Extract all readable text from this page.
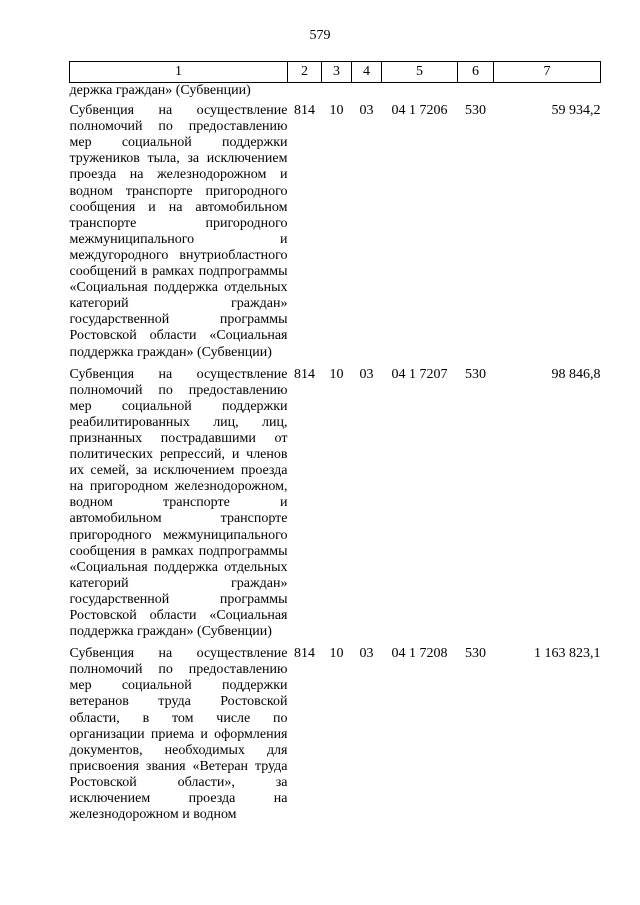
579
1	2	3	4	5	6	7
держка граждан» (Субвенции)						
Субвенция на осуществление полномочий по предоставлению мер социальной поддержки тружеников тыла, за исключением проезда на железнодорожном и водном транспорте пригородного сообщения и на автомобильном транспорте пригородного межмуниципального и междугородного внутриобластного сообщений в рамках подпрограммы «Социальная поддержка отдельных категорий граждан» государственной программы Ростовской области «Социальная поддержка граждан» (Субвенции)	814	10	03	04 1 7206	530	59 934,2
Субвенция на осуществление полномочий по предоставлению мер социальной поддержки реабилитированных лиц, лиц, признанных пострадавшими от политических репрессий, и членов их семей, за исключением проезда на пригородном железнодорожном, водном транспорте и автомобильном транспорте пригородного межмуниципального сообщения в рамках подпрограммы «Социальная поддержка отдельных категорий граждан» государственной программы Ростовской области «Социальная поддержка граждан» (Субвенции)	814	10	03	04 1 7207	530	98 846,8
Субвенция на осуществление полномочий по предоставлению мер социальной поддержки ветеранов труда Ростовской области, в том числе по организации приема и оформления документов, необходимых для присвоения звания «Ветеран труда Ростовской области», за исключением проезда на железнодорожном и водном	814	10	03	04 1 7208	530	1 163 823,1
